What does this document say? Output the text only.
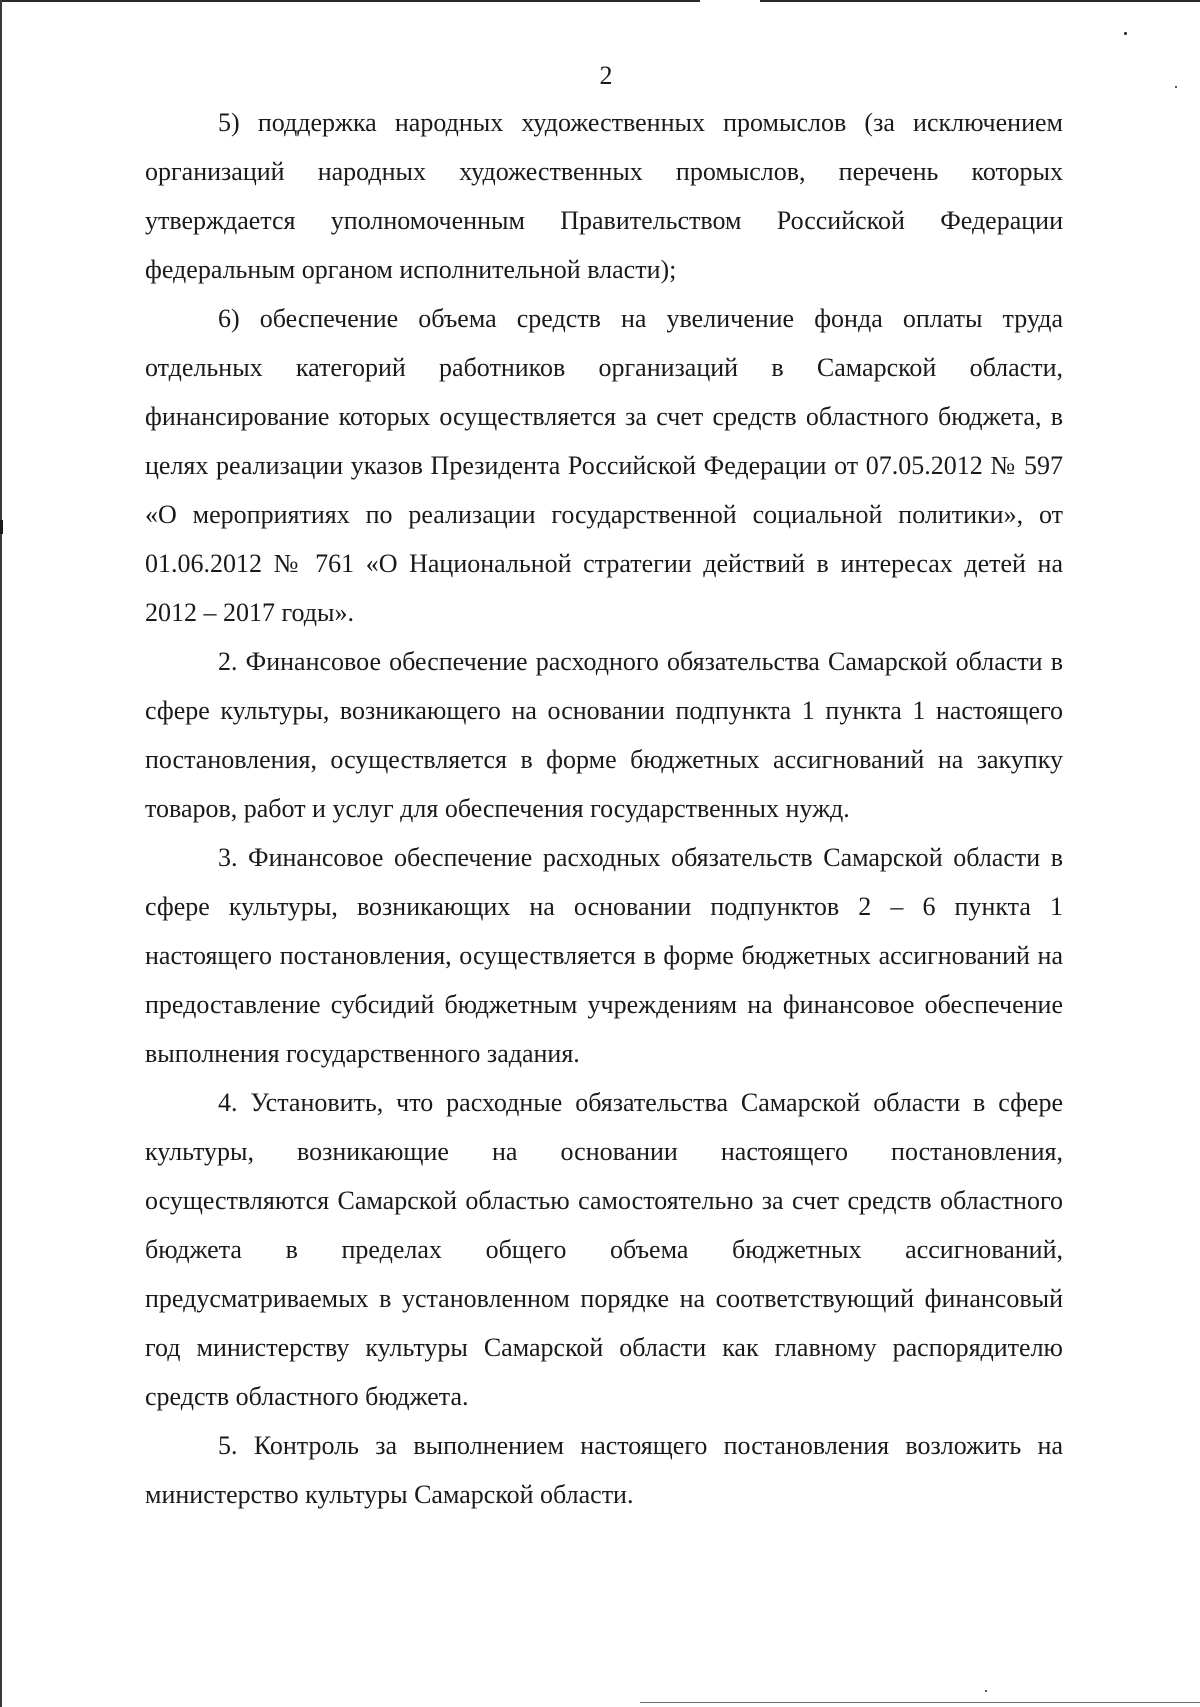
2

5) поддержка народных художественных промыслов (за исключением организаций народных художественных промыслов, перечень которых утверждается уполномоченным Правительством Российской Федерации федеральным органом исполнительной власти);

6) обеспечение объема средств на увеличение фонда оплаты труда отдельных категорий работников организаций в Самарской области, финансирование которых осуществляется за счет средств областного бюджета, в целях реализации указов Президента Российской Федерации от 07.05.2012 № 597 «О мероприятиях по реализации государственной социальной политики», от 01.06.2012 № 761 «О Национальной стратегии действий в интересах детей на 2012 – 2017 годы».

2. Финансовое обеспечение расходного обязательства Самарской области в сфере культуры, возникающего на основании подпункта 1 пункта 1 настоящего постановления, осуществляется в форме бюджетных ассигнований на закупку товаров, работ и услуг для обеспечения государственных нужд.

3. Финансовое обеспечение расходных обязательств Самарской области в сфере культуры, возникающих на основании подпунктов 2 – 6 пункта 1 настоящего постановления, осуществляется в форме бюджетных ассигнований на предоставление субсидий бюджетным учреждениям на финансовое обеспечение выполнения государственного задания.

4. Установить, что расходные обязательства Самарской области в сфере культуры, возникающие на основании настоящего постановления, осуществляются Самарской областью самостоятельно за счет средств областного бюджета в пределах общего объема бюджетных ассигнований, предусматриваемых в установленном порядке на соответствующий финансовый год министерству культуры Самарской области как главному распорядителю средств областного бюджета.

5. Контроль за выполнением настоящего постановления возложить на министерство культуры Самарской области.
